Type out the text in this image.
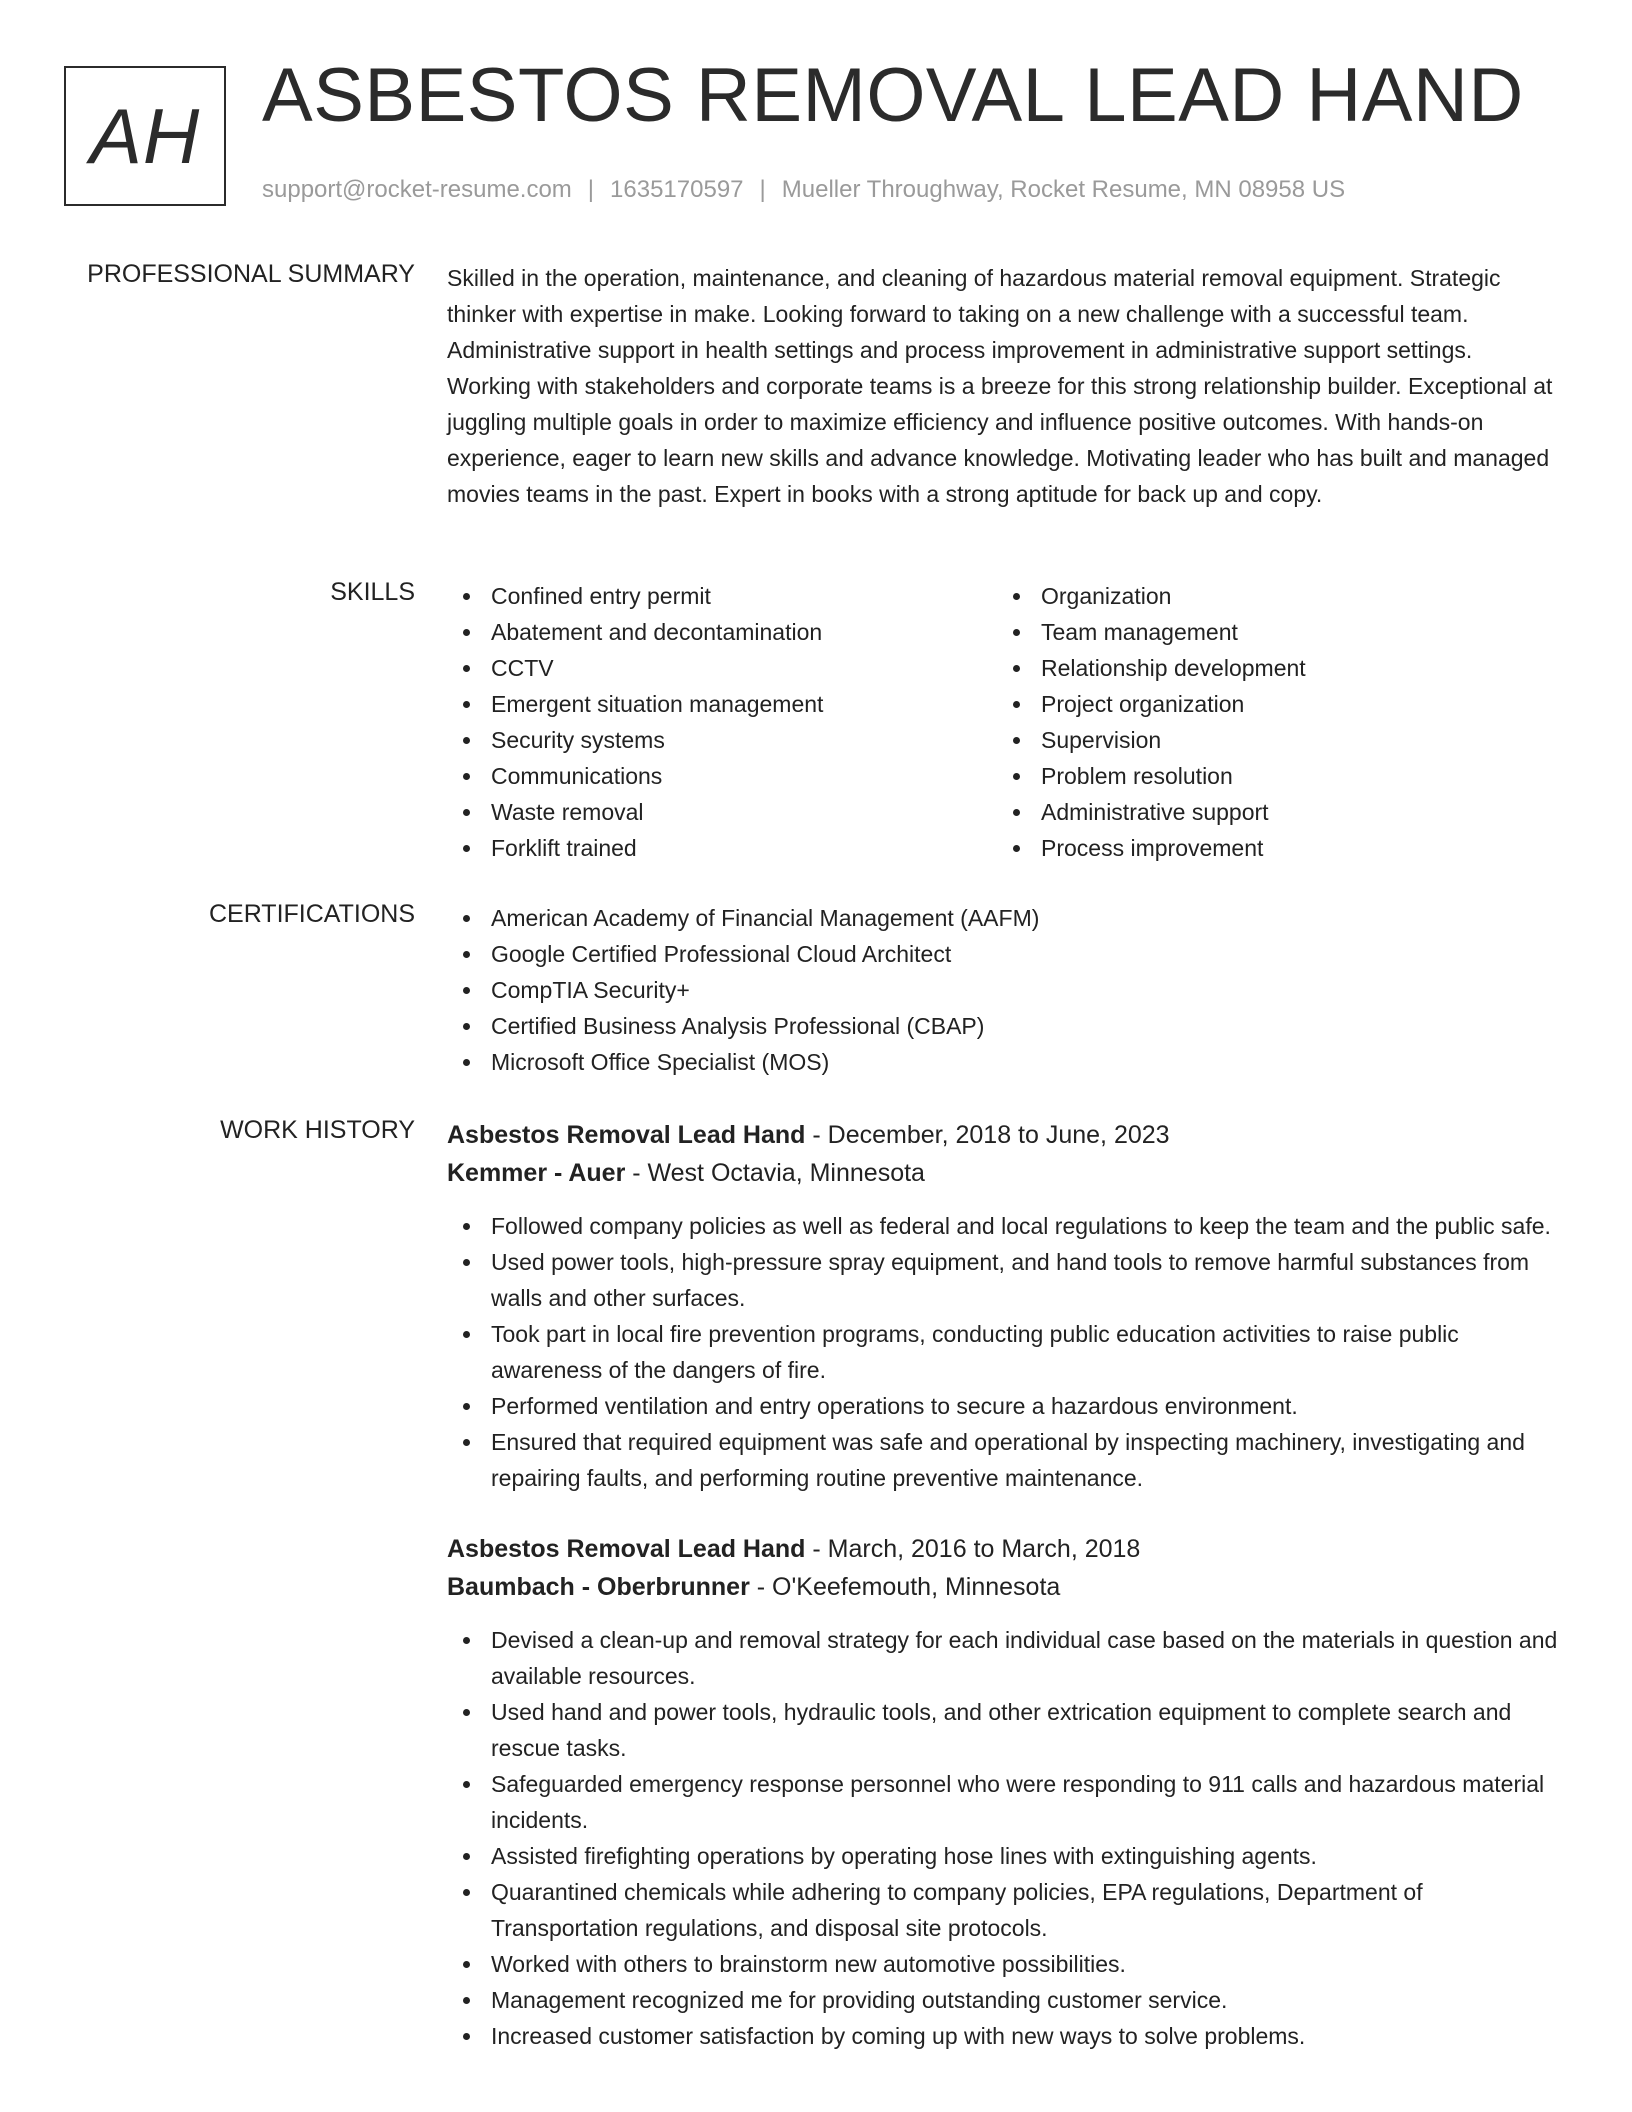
AH ASBESTOS REMOVAL LEAD HAND
support@rocket-resume.com | 1635170597 | Mueller Throughway, Rocket Resume, MN 08958 US
PROFESSIONAL SUMMARY Skilled in the operation, maintenance, and cleaning of hazardous material removal equipment. Strategic thinker with expertise in make. Looking forward to taking on a new challenge with a successful team. Administrative support in health settings and process improvement in administrative support settings. Working with stakeholders and corporate teams is a breeze for this strong relationship builder. Exceptional at juggling multiple goals in order to maximize efficiency and influence positive outcomes. With hands-on experience, eager to learn new skills and advance knowledge. Motivating leader who has built and managed movies teams in the past. Expert in books with a strong aptitude for back up and copy.

SKILLS	Confined entry permit
Abatement and decontamination
CCTV
Emergent situation management
Security systems
Communications
Waste removal
Forklift trained
Organization
Team management
Relationship development
Project organization
Supervision
Problem resolution
Administrative support
Process improvement
CERTIFICATIONS	American Academy of Financial Management (AAFM)
Google Certified Professional Cloud Architect
CompTIA Security+
Certified Business Analysis Professional (CBAP)
Microsoft Office Specialist (MOS)
WORK HISTORY Asbestos Removal Lead Hand - December, 2018 to June, 2023
Kemmer - Auer - West Octavia, Minnesota
Followed company policies as well as federal and local regulations to keep the team and the public safe.
Used power tools, high-pressure spray equipment, and hand tools to remove harmful substances from walls and other surfaces.
Took part in local fire prevention programs, conducting public education activities to raise public awareness of the dangers of fire.
Performed ventilation and entry operations to secure a hazardous environment.
Ensured that required equipment was safe and operational by inspecting machinery, investigating and repairing faults, and performing routine preventive maintenance.
Asbestos Removal Lead Hand - March, 2016 to March, 2018
Baumbach - Oberbrunner - O'Keefemouth, Minnesota
Devised a clean-up and removal strategy for each individual case based on the materials in question and available resources.
Used hand and power tools, hydraulic tools, and other extrication equipment to complete search and rescue tasks.
Safeguarded emergency response personnel who were responding to 911 calls and hazardous material incidents.
Assisted firefighting operations by operating hose lines with extinguishing agents.
Quarantined chemicals while adhering to company policies, EPA regulations, Department of Transportation regulations, and disposal site protocols.
Worked with others to brainstorm new automotive possibilities.
Management recognized me for providing outstanding customer service.
Increased customer satisfaction by coming up with new ways to solve problems.
